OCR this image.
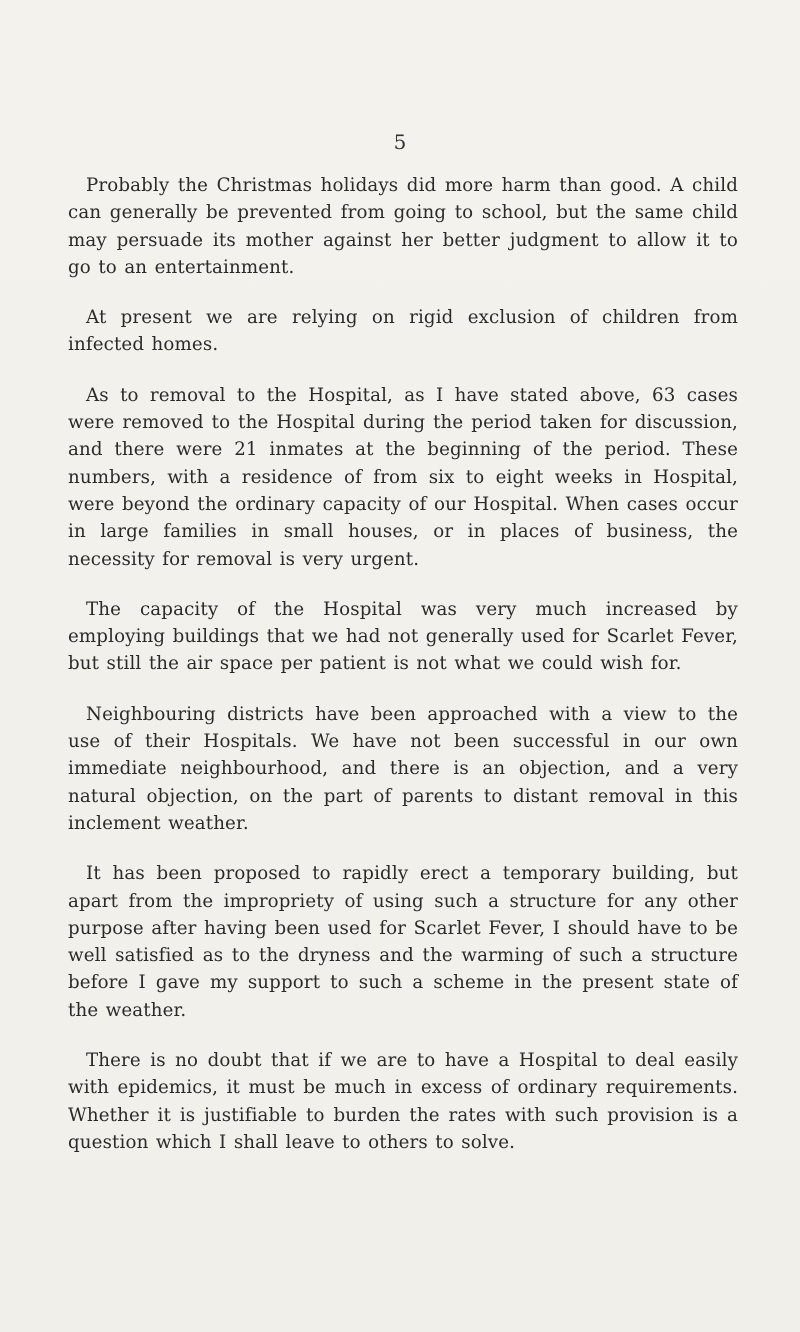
5

Probably the Christmas holidays did more harm than good. A child can generally be prevented from going to school, but the same child may persuade its mother against her better judgment to allow it to go to an entertainment.

At present we are relying on rigid exclusion of children from infected homes.

As to removal to the Hospital, as I have stated above, 63 cases were removed to the Hospital during the period taken for discussion, and there were 21 inmates at the beginning of the period. These numbers, with a residence of from six to eight weeks in Hospital, were beyond the ordinary capacity of our Hospital. When cases occur in large families in small houses, or in places of business, the necessity for removal is very urgent.

The capacity of the Hospital was very much increased by employing buildings that we had not generally used for Scarlet Fever, but still the air space per patient is not what we could wish for.

Neighbouring districts have been approached with a view to the use of their Hospitals. We have not been successful in our own immediate neighbourhood, and there is an objection, and a very natural objection, on the part of parents to distant removal in this inclement weather.

It has been proposed to rapidly erect a temporary building, but apart from the impropriety of using such a structure for any other purpose after having been used for Scarlet Fever, I should have to be well satisfied as to the dryness and the warming of such a structure before I gave my support to such a scheme in the present state of the weather.

There is no doubt that if we are to have a Hospital to deal easily with epidemics, it must be much in excess of ordinary requirements. Whether it is justifiable to burden the rates with such provision is a question which I shall leave to others to solve.
